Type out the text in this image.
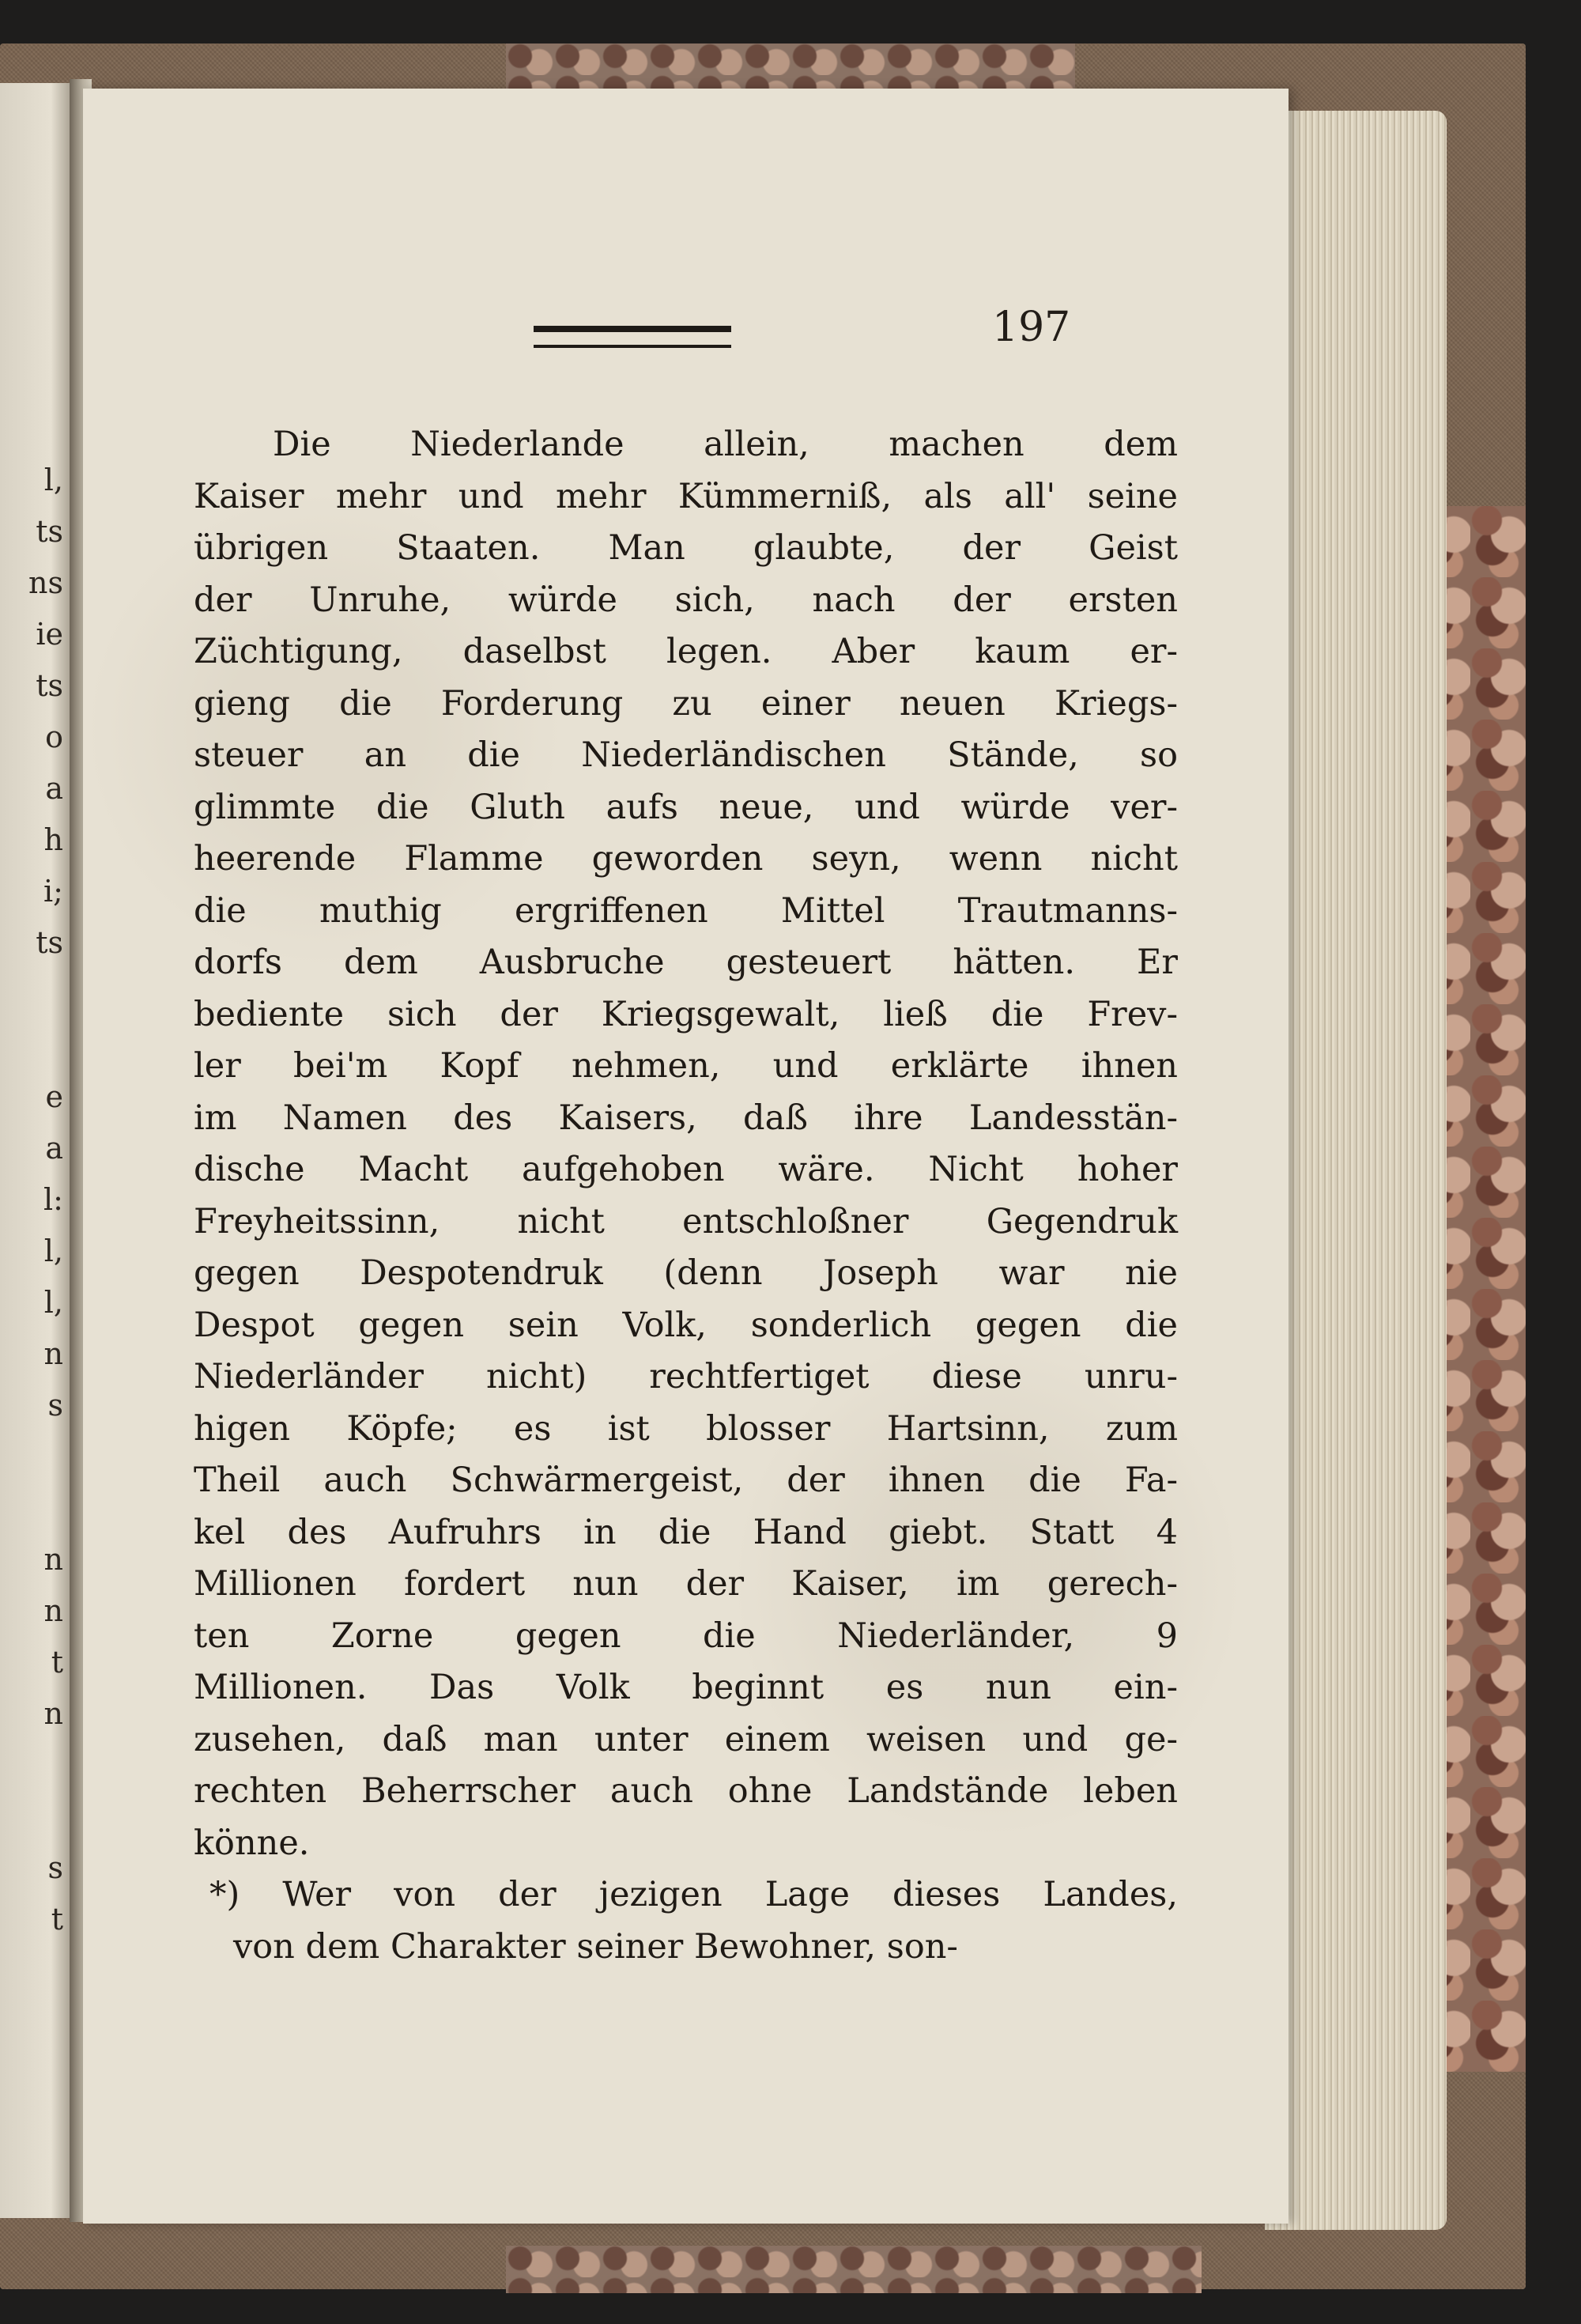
l,
ts
ns
ie
ts
o
a
h
i;
ts
e
a
l:
l,
l,
n
s
n
n
t
n
s
t
197
Die Niederlande allein, machen dem
Kaiser mehr und mehr Kümmerniß, als all' seine
übrigen Staaten. Man glaubte, der Geist
der Unruhe, würde sich, nach der ersten
Züchtigung, daselbst legen. Aber kaum er-
gieng die Forderung zu einer neuen Kriegs-
steuer an die Niederländischen Stände, so
glimmte die Gluth aufs neue, und würde ver-
heerende Flamme geworden seyn, wenn nicht
die muthig ergriffenen Mittel Trautmanns-
dorfs dem Ausbruche gesteuert hätten. Er
bediente sich der Kriegsgewalt, ließ die Frev-
ler bei'm Kopf nehmen, und erklärte ihnen
im Namen des Kaisers, daß ihre Landesstän-
dische Macht aufgehoben wäre. Nicht hoher
Freyheitssinn, nicht entschloßner Gegendruk
gegen Despotendruk (denn Joseph war nie
Despot gegen sein Volk, sonderlich gegen die
Niederländer nicht) rechtfertiget diese unru-
higen Köpfe; es ist blosser Hartsinn, zum
Theil auch Schwärmergeist, der ihnen die Fa-
kel des Aufruhrs in die Hand giebt. Statt 4
Millionen fordert nun der Kaiser, im gerech-
ten Zorne gegen die Niederländer, 9
Millionen. Das Volk beginnt es nun ein-
zusehen, daß man unter einem weisen und ge-
rechten Beherrscher auch ohne Landstände leben
könne.
*) Wer von der jezigen Lage dieses Landes,
von dem Charakter seiner Bewohner, son-
